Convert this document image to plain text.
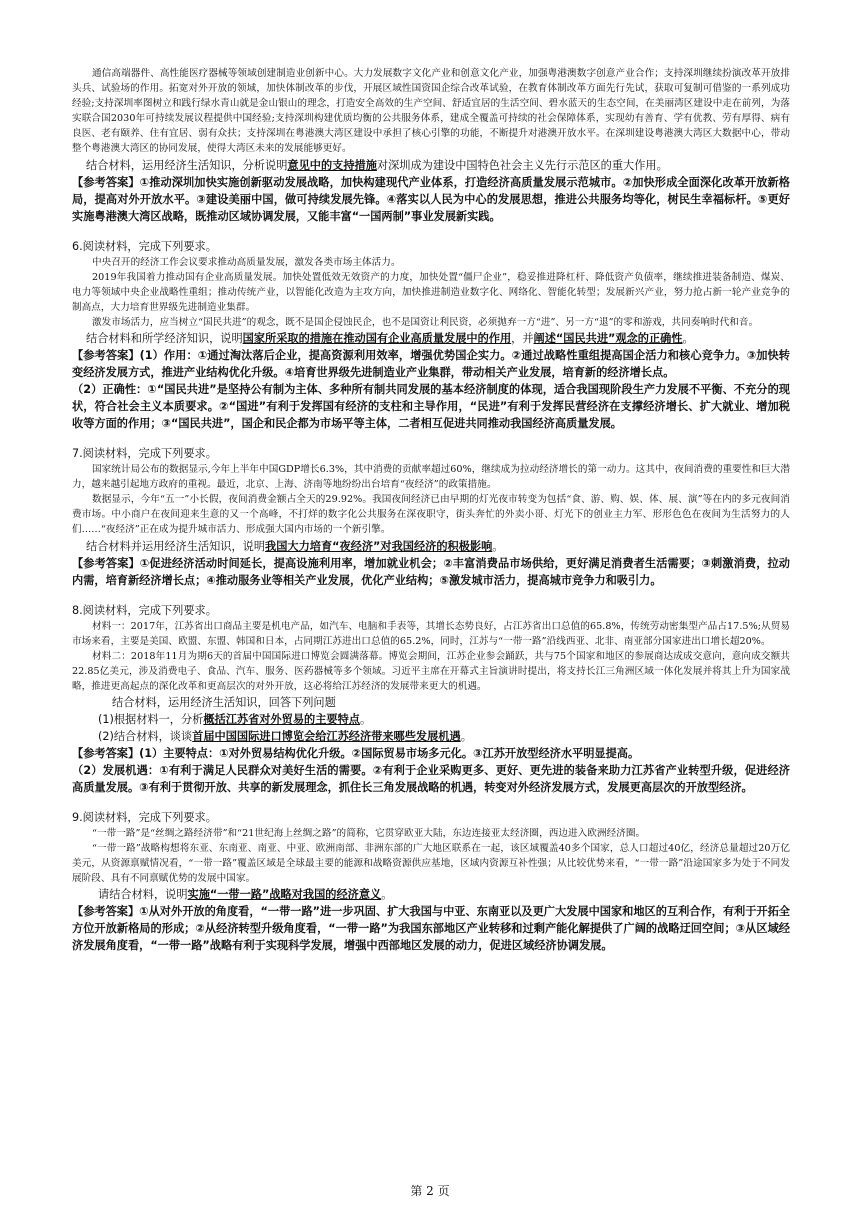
通信高端器件、高性能医疗器械等领域创建制造业创新中心。大力发展数字文化产业和创意文化产业，加强粤港澳数字创意产业合作；支持深圳继续扮演改革开放排头兵、试验场的作用。拓宽对外开放的领域，加快体制改革的步伐，开展区域性国资国企综合改革试验，在教育体制改革方面先行先试，获取可复制可借鉴的一系列成功经验;支持深圳率图树立和践行绿水青山就是金山银山的理念，打造安全高效的生产空间、舒适宜居的生活空间、碧水蓝天的生态空间，在美丽湾区建设中走在前列，为落实联合国2030年可持续发展议程提供中国经验;支持深圳构建优质均衡的公共服务体系，建成全覆盖可持续的社会保障体系，实现幼有善育、学有优教、劳有厚得、病有良医、老有颐养、住有宜居、弱有众扶；支持深圳在粤港澳大湾区建设中承担了核心引擎的功能，不断提升对港澳开放水平。在深圳建设粤港澳大湾区大数据中心，带动整个粤港澳大湾区的协同发展，使得大湾区未来的发展能够更好。

结合材料，运用经济生活知识，分析说明意见中的支持措施对深圳成为建设中国特色社会主义先行示范区的重大作用。

【参考答案】①推动深圳加快实施创新驱动发展战略，加快构建现代产业体系，打造经济高质量发展示范城市。②加快形成全面深化改革开放新格局，提高对外开放水平。③建设美丽中国，做可持续发展先锋。④落实以人民为中心的发展思想，推进公共服务均等化，树民生幸福标杆。⑤更好实施粤港澳大湾区战略，既推动区域协调发展，又能丰富“一国两制”事业发展新实践。

6.阅读材料，完成下列要求。

中央召开的经济工作会议要求推动高质量发展，激发各类市场主体活力。

2019年我国着力推动国有企业高质量发展。加快处置低效无效资产的力度，加快处置“僵尸企业”，稳妥推进降杠杆、降低资产负债率，继续推进装备制造、煤炭、电力等领域中央企业战略性重组；推动传统产业，以智能化改造为主攻方向，加快推进制造业数字化、网络化、智能化转型；发展新兴产业，努力抢占新一轮产业竞争的制高点，大力培育世界级先进制造业集群。

激发市场活力，应当树立“国民共进”的观念，既不是国企侵蚀民企，也不是国资让利民资，必须抛弃一方“进”、另一方“退”的零和游戏，共同奏响时代和音。

结合材料和所学经济知识，说明国家所采取的措施在推动国有企业高质量发展中的作用，并阐述“国民共进”观念的正确性。

【参考答案】(1）作用：①通过淘汰落后企业，提高资源利用效率，增强优势国企实力。②通过战略性重组提高国企活力和核心竞争力。③加快转变经济发展方式，推进产业结构优化升级。④培育世界级先进制造业产业集群，带动相关产业发展，培育新的经济增长点。

（2）正确性：①“国民共进”是坚持公有制为主体、多种所有制共同发展的基本经济制度的体现，适合我国现阶段生产力发展不平衡、不充分的现状，符合社会主义本质要求。②“国进”有利于发挥国有经济的支柱和主导作用，“民进”有利于发挥民营经济在支撑经济增长、扩大就业、增加税收等方面的作用；③“国民共进”，国企和民企都为市场平等主体，二者相互促进共同推动我国经济高质量发展。

7.阅读材料，完成下列要求。

国家统计局公布的数据显示,今年上半年中国GDP增长6.3%，其中消费的贡献率超过60%，继续成为拉动经济增长的第一动力。这其中，夜间消费的重要性和巨大潜力，越来越引起地方政府的重视。最近，北京、上海、济南等地纷纷出台培育“夜经济”的政策措施。

数据显示，今年“五一”小长假，夜间消费金额占全天的29.92%。我国夜间经济已由早期的灯光夜市转变为包括“食、游、购、娱、体、展、演”等在内的多元夜间消费市场。中小商户在夜间迎来生意的又一个高峰，不打烊的数字化公共服务在深夜职守，街头奔忙的外卖小哥、灯光下的创业主力军、形形色色在夜间为生活努力的人们……“夜经济”正在成为提升城市活力、形成强大国内市场的一个新引擎。

结合材料并运用经济生活知识，说明我国大力培育“夜经济”对我国经济的积极影响。

【参考答案】①促进经济活动时间延长，提高设施利用率，增加就业机会；②丰富消费品市场供给，更好满足消费者生活需要；③刺激消费，拉动内需，培育新经济增长点；④推动服务业等相关产业发展，优化产业结构；⑤激发城市活力，提高城市竞争力和吸引力。

8.阅读材料，完成下列要求。

材料一：2017年，江苏省出口商品主要是机电产品，如汽车、电脑和手表等，其增长态势良好，占江苏省出口总值的65.8%，传统劳动密集型产品占17.5%;从贸易市场来看，主要是美国、欧盟、东盟、韩国和日本，占同期江苏进出口总值的65.2%，同时，江苏与“一带一路”沿线西亚、北非、南亚部分国家进出口增长超20%。

材料二：2018年11月为期6天的首届中国国际进口博览会圆满落幕。博览会期间，江苏企业参会踊跃，共与75个国家和地区的参展商达成成交意向，意向成交额共22.85亿美元，涉及消费电子、食品、汽车、服务、医药器械等多个领域。习近平主席在开幕式主旨演讲时提出，将支持长江三角洲区域一体化发展并将其上升为国家战略，推进更高起点的深化改革和更高层次的对外开放，这必将给江苏经济的发展带来更大的机遇。

结合材料，运用经济生活知识，回答下列问题

(1)根据材料一，分析概括江苏省对外贸易的主要特点。

(2)结合材料，谈谈首届中国国际进口博览会给江苏经济带来哪些发展机遇。

【参考答案】(1）主要特点：①对外贸易结构优化升级。②国际贸易市场多元化。③江苏开放型经济水平明显提高。

（2）发展机遇：①有利于满足人民群众对美好生活的需要。②有利于企业采购更多、更好、更先进的装备来助力江苏省产业转型升级，促进经济高质量发展。③有利于贯彻开放、共享的新发展理念，抓住长三角发展战略的机遇，转变对外经济发展方式，发展更高层次的开放型经济。

9.阅读材料，完成下列要求。

“一带一路”是“丝绸之路经济带”和“21世纪海上丝绸之路”的简称，它贯穿欧亚大陆，东边连接亚太经济圈，西边进入欧洲经济圈。

“一带一路”战略构想将东亚、东南亚、南亚、中亚、欧洲南部、非洲东部的广大地区联系在一起，该区域覆盖40多个国家，总人口超过40亿，经济总量超过20万亿美元，从资源禀赋情况看，“一带一路”覆盖区域是全球最主要的能源和战略资源供应基地，区域内资源互补性强；从比较优势来看，“一带一路”沿途国家多为处于不同发展阶段、具有不同禀赋优势的发展中国家。

请结合材料，说明实施“一带一路”战略对我国的经济意义。

【参考答案】①从对外开放的角度看，“一带一路”进一步巩固、扩大我国与中亚、东南亚以及更广大发展中国家和地区的互利合作，有利于开拓全方位开放新格局的形成；②从经济转型升级角度看，“一带一路”为我国东部地区产业转移和过剩产能化解提供了广阔的战略迂回空间；③从区域经济发展角度看，“一带一路”战略有利于实现科学发展，增强中西部地区发展的动力，促进区域经济协调发展。

第 2 页
